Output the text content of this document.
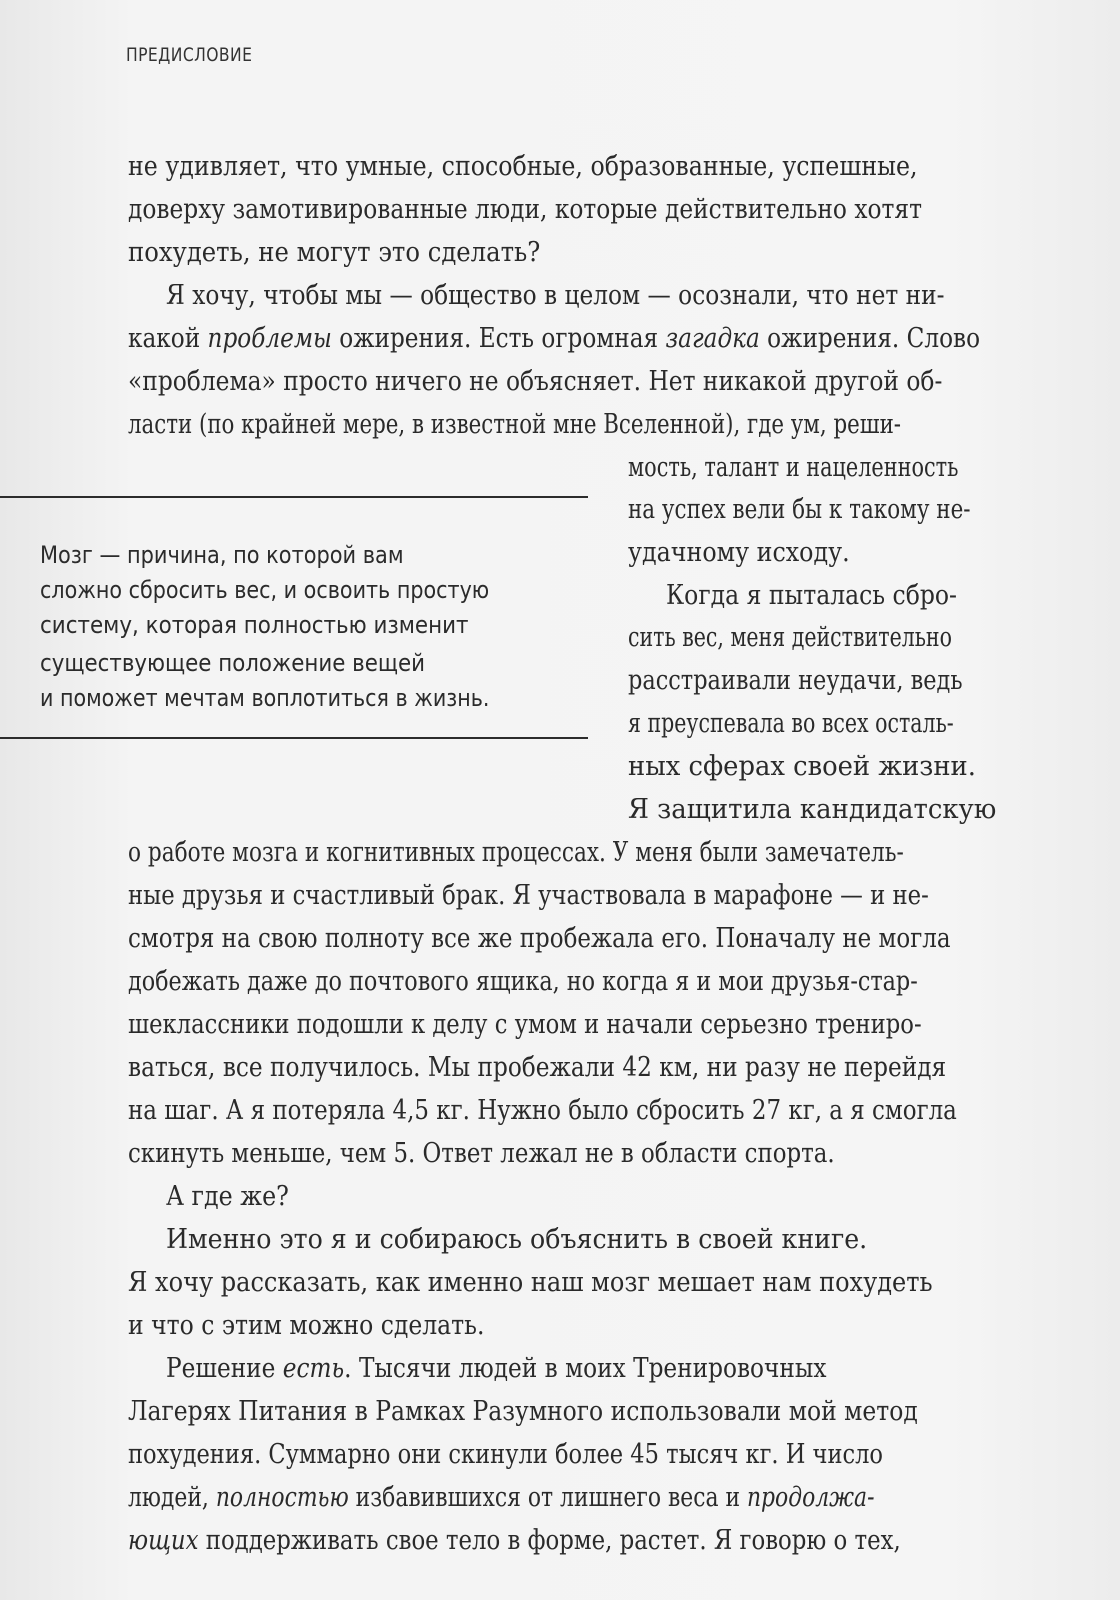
ПРЕДИСЛОВИЕ
не удивляет, что умные, способные, образованные, успешные,
доверху замотивированные люди, которые действительно хотят
похудеть, не могут это сделать?
Я хочу, чтобы мы — общество в целом — осознали, что нет ни-
какой проблемы ожирения. Есть огромная загадка ожирения. Слово
«проблема» просто ничего не объясняет. Нет никакой другой об-
ласти (по крайней мере, в известной мне Вселенной), где ум, реши-
мость, талант и нацеленность
на успех вели бы к такому не-
удачному исходу.
Мозг — причина, по которой вам
сложно сбросить вес, и освоить простую
систему, которая полностью изменит
существующее положение вещей
и поможет мечтам воплотиться в жизнь.
Когда я пыталась сбро-
сить вес, меня действительно
расстраивали неудачи, ведь
я преуспевала во всех осталь-
ных сферах своей жизни.
Я защитила кандидатскую
о работе мозга и когнитивных процессах. У меня были замечатель-
ные друзья и счастливый брак. Я участвовала в марафоне — и не-
смотря на свою полноту все же пробежала его. Поначалу не могла
добежать даже до почтового ящика, но когда я и мои друзья-стар-
шеклассники подошли к делу с умом и начали серьезно трениро-
ваться, все получилось. Мы пробежали 42 км, ни разу не перейдя
на шаг. А я потеряла 4,5 кг. Нужно было сбросить 27 кг, а я смогла
скинуть меньше, чем 5. Ответ лежал не в области спорта.
А где же?
Именно это я и собираюсь объяснить в своей книге.
Я хочу рассказать, как именно наш мозг мешает нам похудеть
и что с этим можно сделать.
Решение есть. Тысячи людей в моих Тренировочных
Лагерях Питания в Рамках Разумного использовали мой метод
похудения. Суммарно они скинули более 45 тысяч кг. И число
людей, полностью избавившихся от лишнего веса и продолжа-
ющих поддерживать свое тело в форме, растет. Я говорю о тех,
